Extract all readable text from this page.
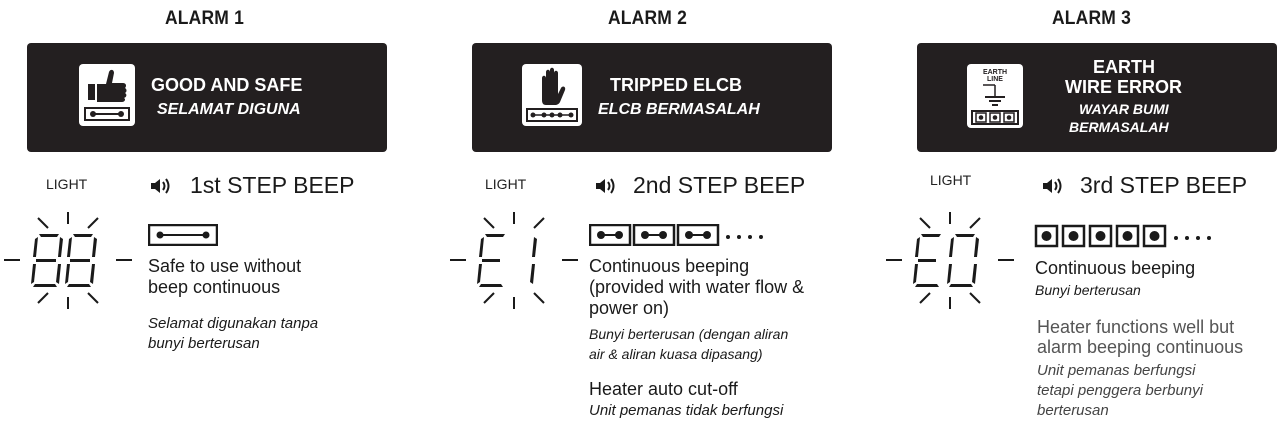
ALARM 1
GOOD AND SAFE
SELAMAT DIGUNA
LIGHT	1st STEP BEEP
Safe to use without
beep continuous
Selamat digunakan tanpa
bunyi berterusan
ALARM 2
TRIPPED ELCB
ELCB BERMASALAH
LIGHT	2nd STEP BEEP
Continuous beeping
(provided with water flow &
power on)
Bunyi berterusan (dengan aliran
air & aliran kuasa dipasang)
Heater auto cut-off
Unit pemanas tidak berfungsi
ALARM 3
EARTH
LINE
EARTH
WIRE ERROR
WAYAR BUMI
BERMASALAH
LIGHT	3rd STEP BEEP
Continuous beeping
Bunyi berterusan
Heater functions well but
alarm beeping continuous
Unit pemanas berfungsi
tetapi penggera berbunyi
berterusan
